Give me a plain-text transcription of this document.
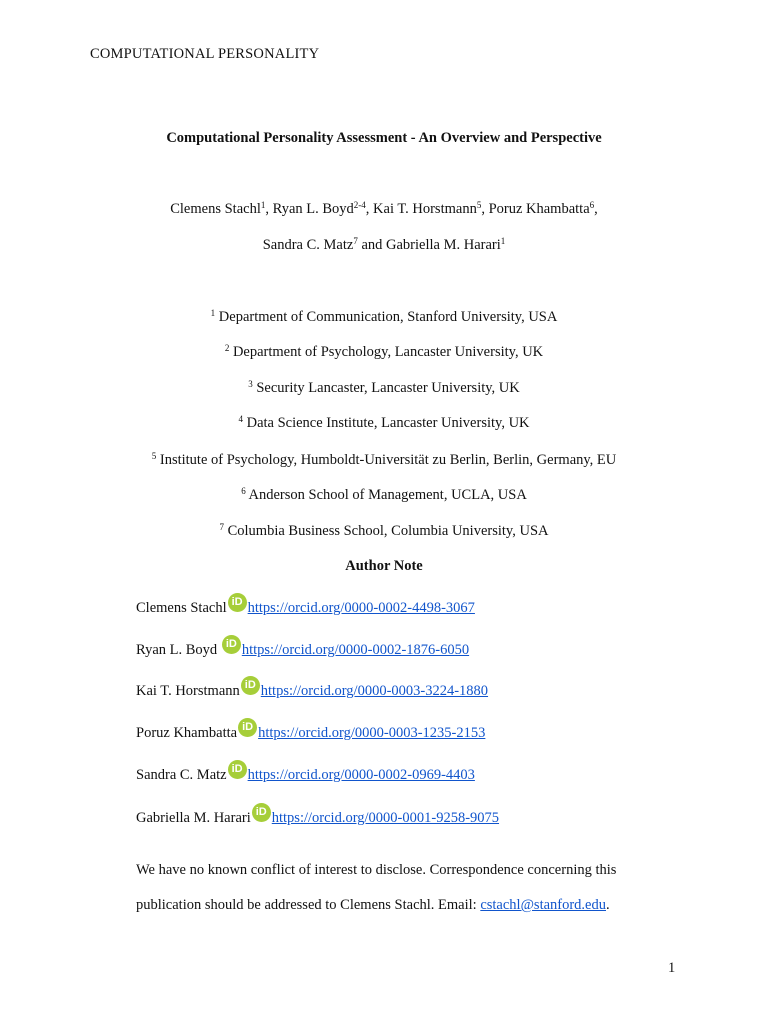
COMPUTATIONAL PERSONALITY
Computational Personality Assessment - An Overview and Perspective
Clemens Stachl$^1$, Ryan L. Boyd$^{2-4}$, Kai T. Horstmann$^5$, Poruz Khambatta$^6$,
Sandra C. Matz$^7$ and Gabriella M. Harari$^1$
$^1$ Department of Communication, Stanford University, USA
$^2$ Department of Psychology, Lancaster University, UK
$^3$ Security Lancaster, Lancaster University, UK
$^4$ Data Science Institute, Lancaster University, UK
$^5$ Institute of Psychology, Humboldt-Universität zu Berlin, Berlin, Germany, EU
$^6$ Anderson School of Management, UCLA, USA
$^7$ Columbia Business School, Columbia University, USA
Author Note
Clemens Stachl iD https://orcid.org/0000-0002-4498-3067
Ryan L. Boyd
iD https://orcid.org/0000-0002-1876-6050
Kai T. Horstmann iD https://orcid.org/0000-0003-3224-1880
Poruz Khambatta iD https://orcid.org/0000-0003-1235-2153
Sandra C. Matz iD https://orcid.org/0000-0002-0969-4403
Gabriella M. Harari iD https://orcid.org/0000-0001-9258-9075
We have no known conflict of interest to disclose. Correspondence concerning this
publication should be addressed to Clemens Stachl. Email: cstachl@stanford.edu.
1
